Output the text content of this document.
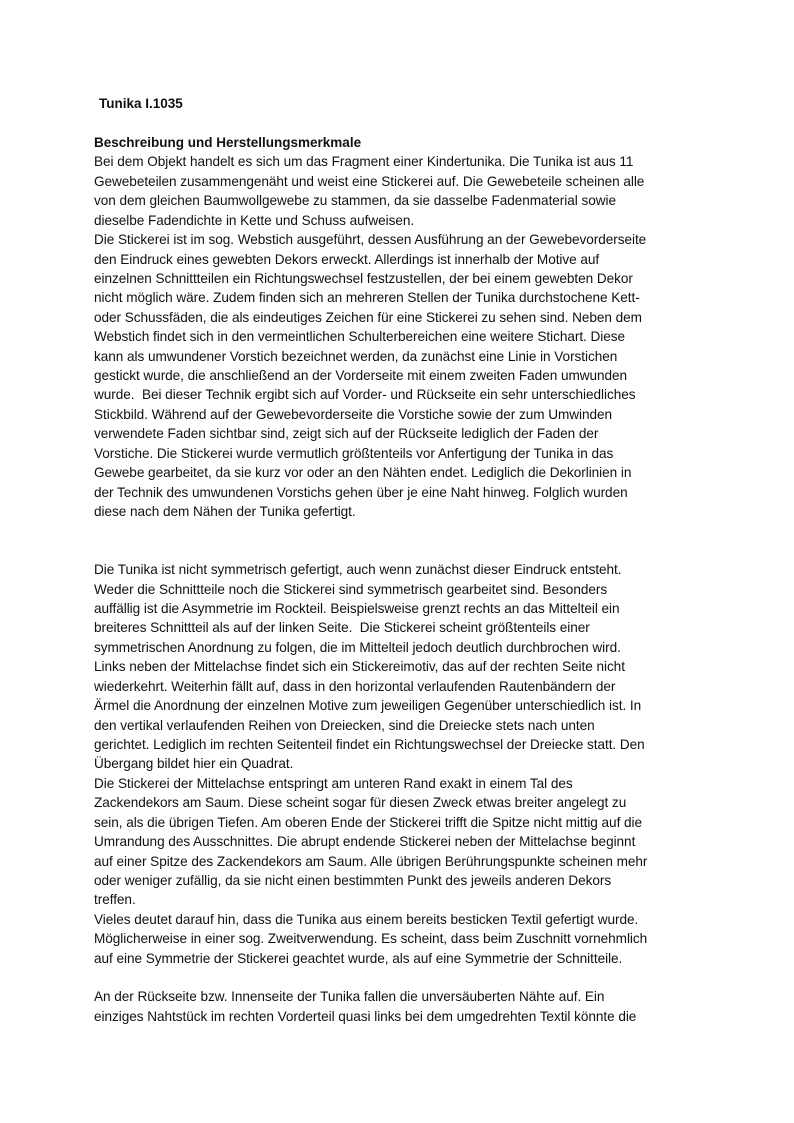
Tunika I.1035

Beschreibung und Herstellungsmerkmale

Bei dem Objekt handelt es sich um das Fragment einer Kindertunika. Die Tunika ist aus 11

Gewebeteilen zusammengenäht und weist eine Stickerei auf. Die Gewebeteile scheinen alle

von dem gleichen Baumwollgewebe zu stammen, da sie dasselbe Fadenmaterial sowie

dieselbe Fadendichte in Kette und Schuss aufweisen.

Die Stickerei ist im sog. Webstich ausgeführt, dessen Ausführung an der Gewebevorderseite

den Eindruck eines gewebten Dekors erweckt. Allerdings ist innerhalb der Motive auf

einzelnen Schnittteilen ein Richtungswechsel festzustellen, der bei einem gewebten Dekor

nicht möglich wäre. Zudem finden sich an mehreren Stellen der Tunika durchstochene Kett-

oder Schussfäden, die als eindeutiges Zeichen für eine Stickerei zu sehen sind. Neben dem

Webstich findet sich in den vermeintlichen Schulterbereichen eine weitere Stichart. Diese

kann als umwundener Vorstich bezeichnet werden, da zunächst eine Linie in Vorstichen

gestickt wurde, die anschließend an der Vorderseite mit einem zweiten Faden umwunden

wurde.  Bei dieser Technik ergibt sich auf Vorder- und Rückseite ein sehr unterschiedliches

Stickbild. Während auf der Gewebevorderseite die Vorstiche sowie der zum Umwinden

verwendete Faden sichtbar sind, zeigt sich auf der Rückseite lediglich der Faden der

Vorstiche. Die Stickerei wurde vermutlich größtenteils vor Anfertigung der Tunika in das

Gewebe gearbeitet, da sie kurz vor oder an den Nähten endet. Lediglich die Dekorlinien in

der Technik des umwundenen Vorstichs gehen über je eine Naht hinweg. Folglich wurden

diese nach dem Nähen der Tunika gefertigt.

Die Tunika ist nicht symmetrisch gefertigt, auch wenn zunächst dieser Eindruck entsteht.

Weder die Schnittteile noch die Stickerei sind symmetrisch gearbeitet sind. Besonders

auffällig ist die Asymmetrie im Rockteil. Beispielsweise grenzt rechts an das Mittelteil ein

breiteres Schnittteil als auf der linken Seite.  Die Stickerei scheint größtenteils einer

symmetrischen Anordnung zu folgen, die im Mittelteil jedoch deutlich durchbrochen wird.

Links neben der Mittelachse findet sich ein Stickereimotiv, das auf der rechten Seite nicht

wiederkehrt. Weiterhin fällt auf, dass in den horizontal verlaufenden Rautenbändern der

Ärmel die Anordnung der einzelnen Motive zum jeweiligen Gegenüber unterschiedlich ist. In

den vertikal verlaufenden Reihen von Dreiecken, sind die Dreiecke stets nach unten

gerichtet. Lediglich im rechten Seitenteil findet ein Richtungswechsel der Dreiecke statt. Den

Übergang bildet hier ein Quadrat.

Die Stickerei der Mittelachse entspringt am unteren Rand exakt in einem Tal des

Zackendekors am Saum. Diese scheint sogar für diesen Zweck etwas breiter angelegt zu

sein, als die übrigen Tiefen. Am oberen Ende der Stickerei trifft die Spitze nicht mittig auf die

Umrandung des Ausschnittes. Die abrupt endende Stickerei neben der Mittelachse beginnt

auf einer Spitze des Zackendekors am Saum. Alle übrigen Berührungspunkte scheinen mehr

oder weniger zufällig, da sie nicht einen bestimmten Punkt des jeweils anderen Dekors

treffen.

Vieles deutet darauf hin, dass die Tunika aus einem bereits besticken Textil gefertigt wurde.

Möglicherweise in einer sog. Zweitverwendung. Es scheint, dass beim Zuschnitt vornehmlich

auf eine Symmetrie der Stickerei geachtet wurde, als auf eine Symmetrie der Schnitteile.

An der Rückseite bzw. Innenseite der Tunika fallen die unversäuberten Nähte auf. Ein

einziges Nahtstück im rechten Vorderteil quasi links bei dem umgedrehten Textil könnte die
